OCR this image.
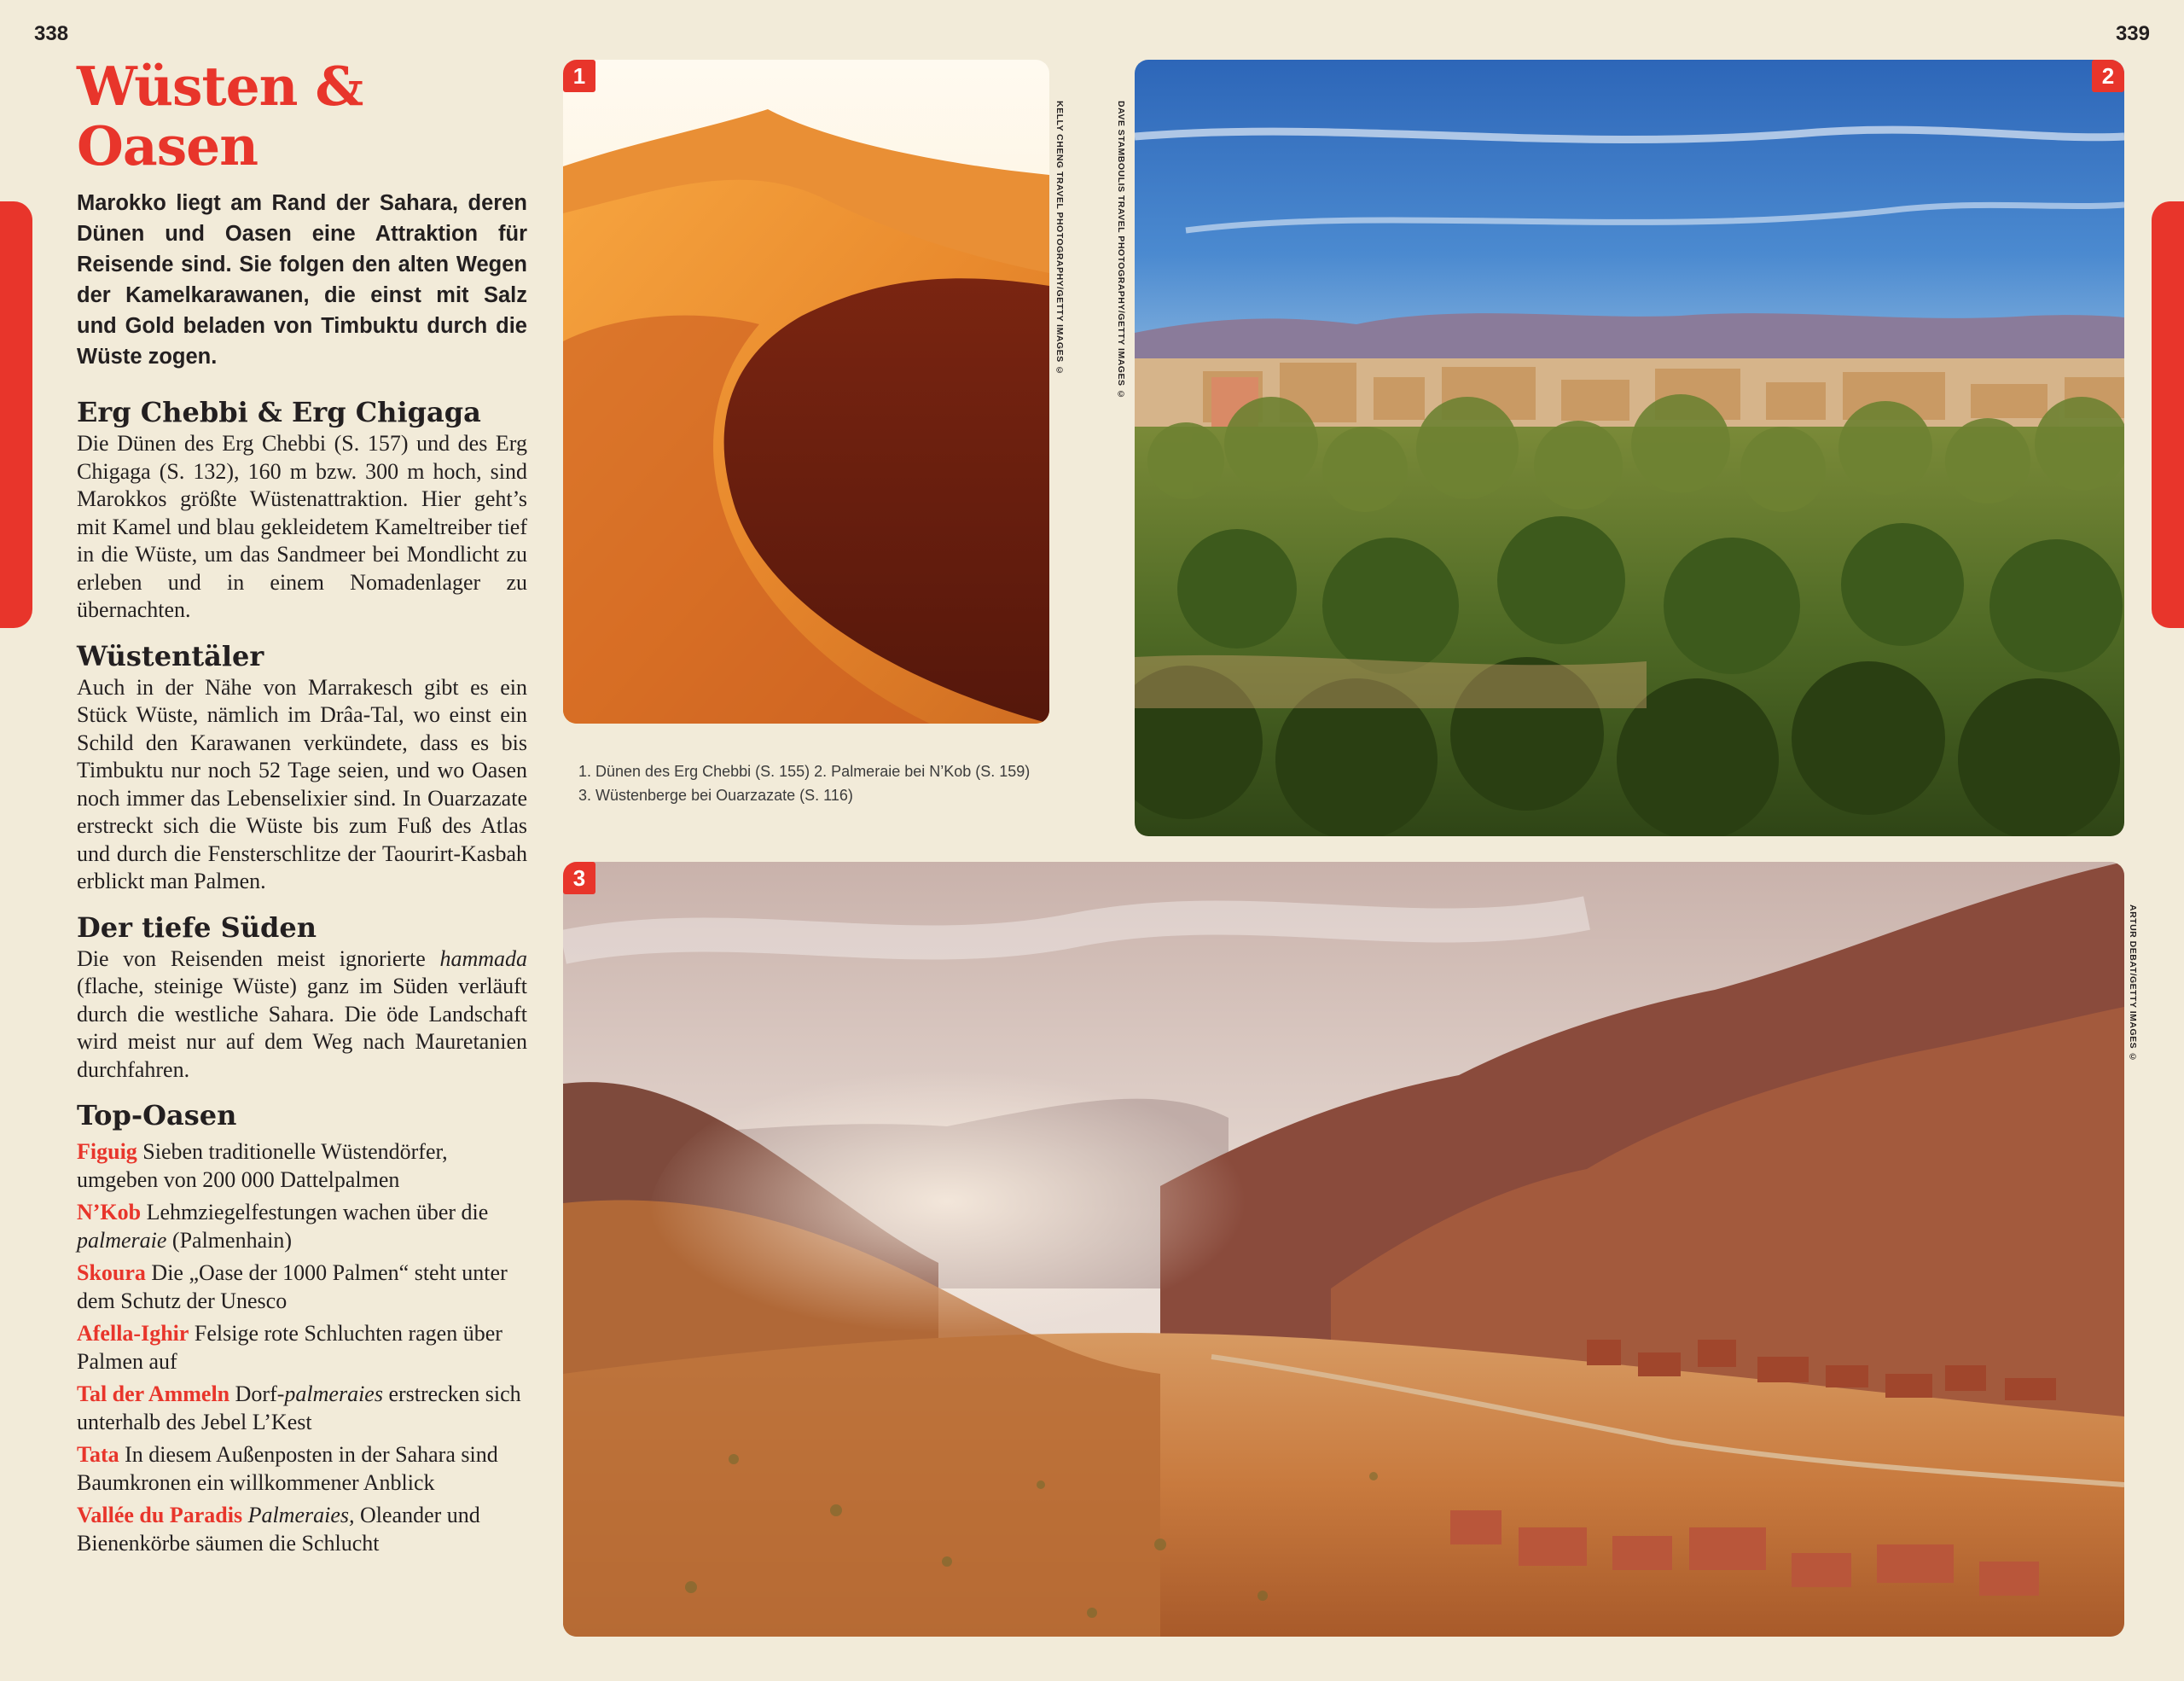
338	339
Wüsten & Oasen

Marokko liegt am Rand der Sahara, deren Dünen und Oasen eine Attraktion für Reisende sind. Sie folgen den alten Wegen der Kamelkarawanen, die einst mit Salz und Gold beladen von Timbuktu durch die Wüste zogen.

Erg Chebbi & Erg Chigaga

Die Dünen des Erg Chebbi (S. 157) und des Erg Chigaga (S. 132), 160 m bzw. 300 m hoch, sind Marokkos größte Wüstenattraktion. Hier geht’s mit Kamel und blau gekleidetem Kameltreiber tief in die Wüste, um das Sandmeer bei Mondlicht zu erleben und in einem Nomadenlager zu übernachten.

Wüstentäler

Auch in der Nähe von Marrakesch gibt es ein Stück Wüste, nämlich im Drâa-Tal, wo einst ein Schild den Karawanen verkündete, dass es bis Timbuktu nur noch 52 Tage seien, und wo Oasen noch immer das Lebenselixier sind. In Ouarzazate erstreckt sich die Wüste bis zum Fuß des Atlas und durch die Fensterschlitze der Taourirt-Kasbah erblickt man Palmen.

Der tiefe Süden

Die von Reisenden meist ignorierte hammada (flache, steinige Wüste) ganz im Süden verläuft durch die westliche Sahara. Die öde Landschaft wird meist nur auf dem Weg nach Mauretanien durchfahren.

Top-Oasen

Figuig Sieben traditionelle Wüstendörfer, umgeben von 200 000 Dattelpalmen

N’Kob Lehmziegelfestungen wachen über die palmeraie (Palmenhain)

Skoura Die „Oase der 1000 Palmen“ steht unter dem Schutz der Unesco

Afella-Ighir Felsige rote Schluchten ragen über Palmen auf

Tal der Ammeln Dorf-palmeraies erstrecken sich unterhalb des Jebel L’Kest

Tata In diesem Außenposten in der Sahara sind Baumkronen ein willkommener Anblick

Vallée du Paradis Palmeraies, Oleander und Bienenkörbe säumen die Schlucht

1
KELLY CHENG TRAVEL PHOTOGRAPHY/GETTY IMAGES ©
2
DAVE STAMBOULIS TRAVEL PHOTOGRAPHY/GETTY IMAGES ©
1. Dünen des Erg Chebbi (S. 155) 2. Palmeraie bei N’Kob (S. 159)
3. Wüstenberge bei Ouarzazate (S. 116)
3
ARTUR DEBAT/GETTY IMAGES ©
